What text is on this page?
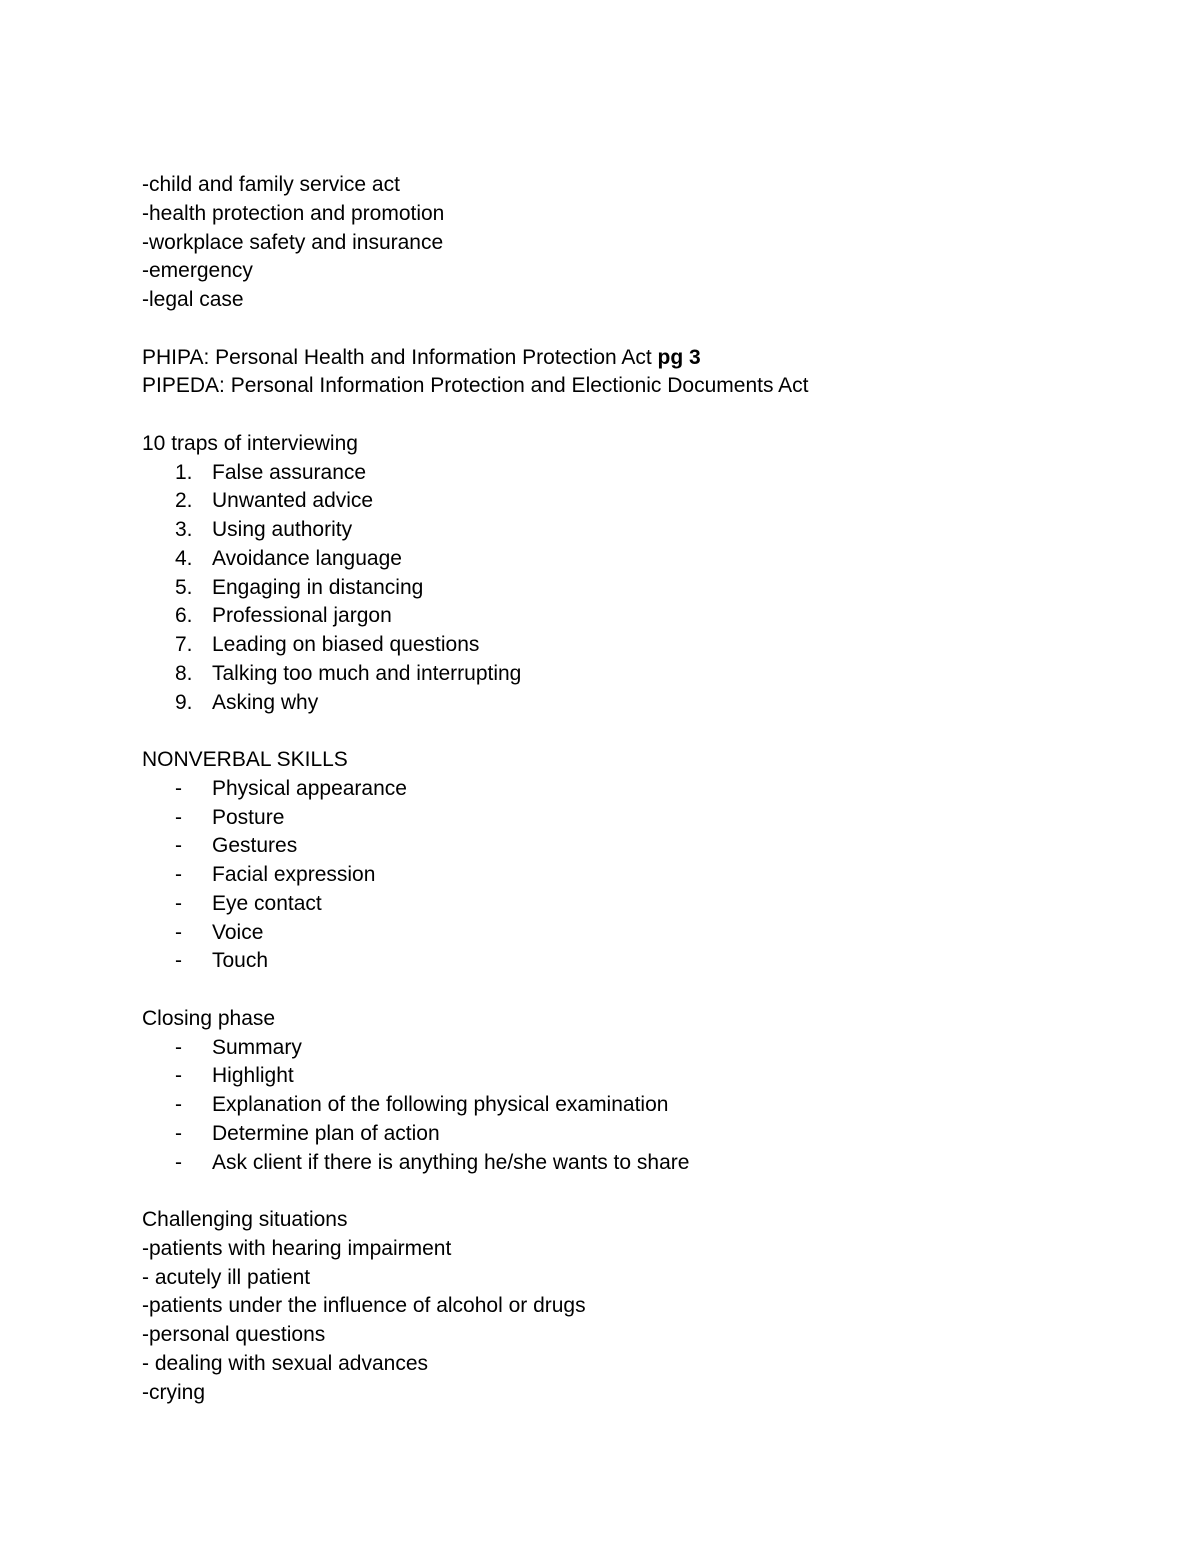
-child and family service act
-health protection and promotion
-workplace safety and insurance
-emergency
-legal case
PHIPA: Personal Health and Information Protection Act pg 3
PIPEDA: Personal Information Protection and Electionic Documents Act
10 traps of interviewing
1. False assurance
2. Unwanted advice
3. Using authority
4. Avoidance language
5. Engaging in distancing
6. Professional jargon
7. Leading on biased questions
8. Talking too much and interrupting
9. Asking why
NONVERBAL SKILLS
- Physical appearance
- Posture
- Gestures
- Facial expression
- Eye contact
- Voice
- Touch
Closing phase
- Summary
- Highlight
- Explanation of the following physical examination
- Determine plan of action
- Ask client if there is anything he/she wants to share
Challenging situations
-patients with hearing impairment
- acutely ill patient
-patients under the influence of alcohol or drugs
-personal questions
- dealing with sexual advances
-crying
